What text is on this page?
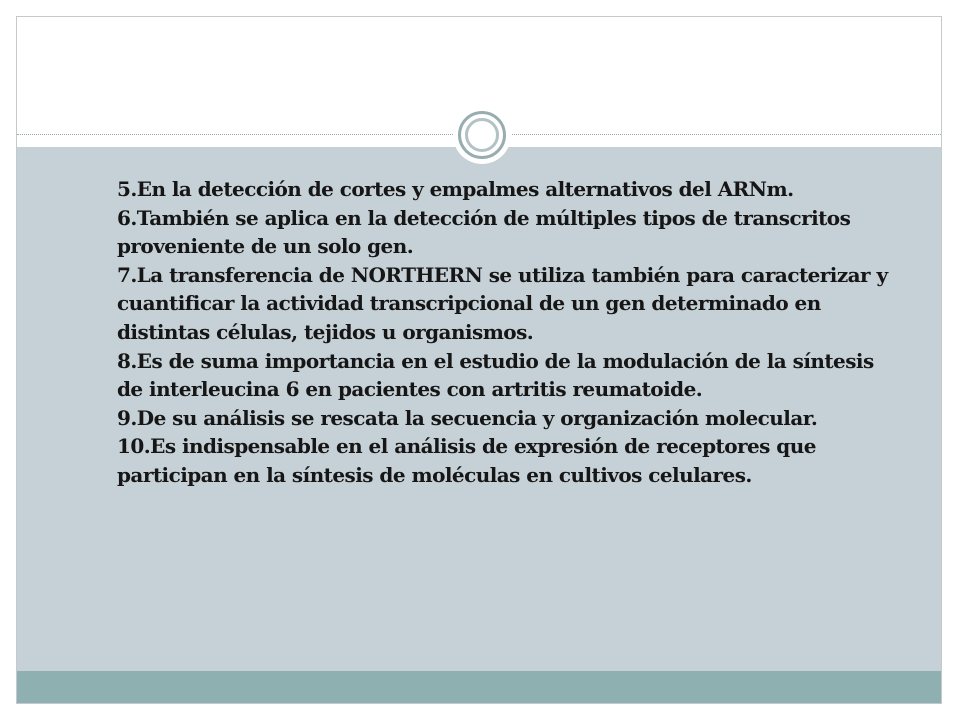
5.En la detección de cortes y empalmes alternativos del ARNm.
6.También se aplica en la detección de múltiples tipos de transcritos proveniente de un solo gen.
7.La transferencia de NORTHERN se utiliza también para caracterizar y cuantificar la actividad transcripcional de un gen determinado en distintas células, tejidos u organismos.
8.Es de suma importancia en el estudio de la modulación de la síntesis de interleucina 6 en pacientes con artritis reumatoide.
9.De su análisis se rescata la secuencia y organización molecular.
10.Es indispensable en el análisis de expresión de receptores que participan en la síntesis de moléculas en cultivos celulares.
